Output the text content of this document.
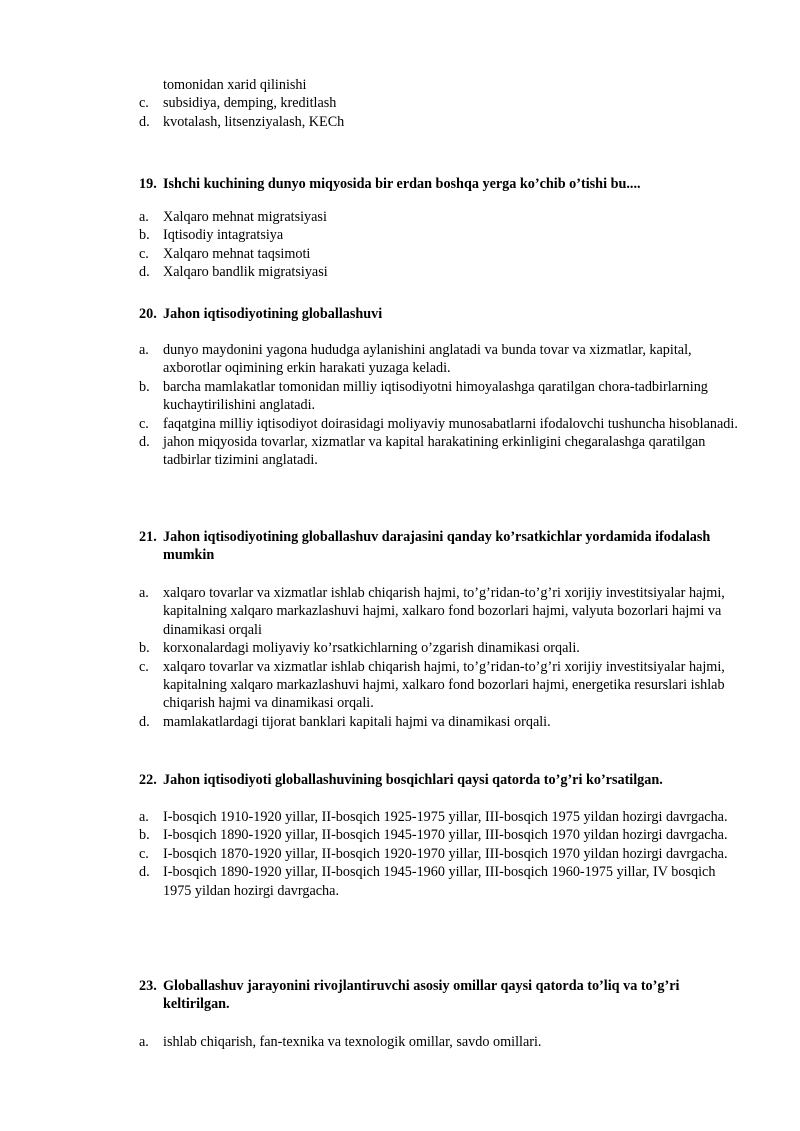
tomonidan xarid qilinishi
c. subsidiya, demping, kreditlash
d. kvotalash, litsenziyalash, KECh
19. Ishchi kuchining dunyo miqyosida bir erdan boshqa yerga ko’chib o’tishi bu....
a. Xalqaro mehnat migratsiyasi
b. Iqtisodiy intagratsiya
c. Xalqaro mehnat taqsimoti
d. Xalqaro bandlik migratsiyasi
20. Jahon iqtisodiyotining globallashuvi
a. dunyo maydonini yagona hududga aylanishini anglatadi va bunda tovar va xizmatlar, kapital, axborotlar oqimining erkin harakati yuzaga keladi.
b. barcha mamlakatlar tomonidan milliy iqtisodiyotni himoyalashga qaratilgan chora-tadbirlarning kuchaytirilishini anglatadi.
c. faqatgina milliy iqtisodiyot doirasidagi moliyaviy munosabatlarni ifodalovchi tushuncha hisoblanadi.
d. jahon miqyosida tovarlar, xizmatlar va kapital harakatining erkinligini chegaralashga qaratilgan tadbirlar tizimini anglatadi.
21. Jahon iqtisodiyotining globallashuv darajasini qanday ko’rsatkichlar yordamida ifodalash mumkin
a. xalqaro tovarlar va xizmatlar ishlab chiqarish hajmi, to’g’ridan-to’g’ri xorijiy investitsiyalar hajmi, kapitalning xalqaro markazlashuvi hajmi, xalkaro fond bozorlari hajmi, valyuta bozorlari hajmi va dinamikasi orqali
b. korxonalardagi moliyaviy ko’rsatkichlarning o’zgarish dinamikasi orqali.
c. xalqaro tovarlar va xizmatlar ishlab chiqarish hajmi, to’g’ridan-to’g’ri xorijiy investitsiyalar hajmi, kapitalning xalqaro markazlashuvi hajmi, xalkaro fond bozorlari hajmi, energetika resurslari ishlab chiqarish hajmi va dinamikasi orqali.
d. mamlakatlardagi tijorat banklari kapitali hajmi va dinamikasi orqali.
22. Jahon iqtisodiyoti globallashuvining bosqichlari qaysi qatorda to’g’ri ko’rsatilgan.
a. I-bosqich 1910-1920 yillar, II-bosqich 1925-1975 yillar, III-bosqich 1975 yildan hozirgi davrgacha.
b. I-bosqich 1890-1920 yillar, II-bosqich 1945-1970 yillar, III-bosqich 1970 yildan hozirgi davrgacha.
c. I-bosqich 1870-1920 yillar, II-bosqich 1920-1970 yillar, III-bosqich 1970 yildan hozirgi davrgacha.
d. I-bosqich 1890-1920 yillar, II-bosqich 1945-1960 yillar, III-bosqich 1960-1975 yillar, IV bosqich 1975 yildan hozirgi davrgacha.
23. Globallashuv jarayonini rivojlantiruvchi asosiy omillar qaysi qatorda to’liq va to’g’ri keltirilgan.
a. ishlab chiqarish, fan-texnika va texnologik omillar, savdo omillari.
